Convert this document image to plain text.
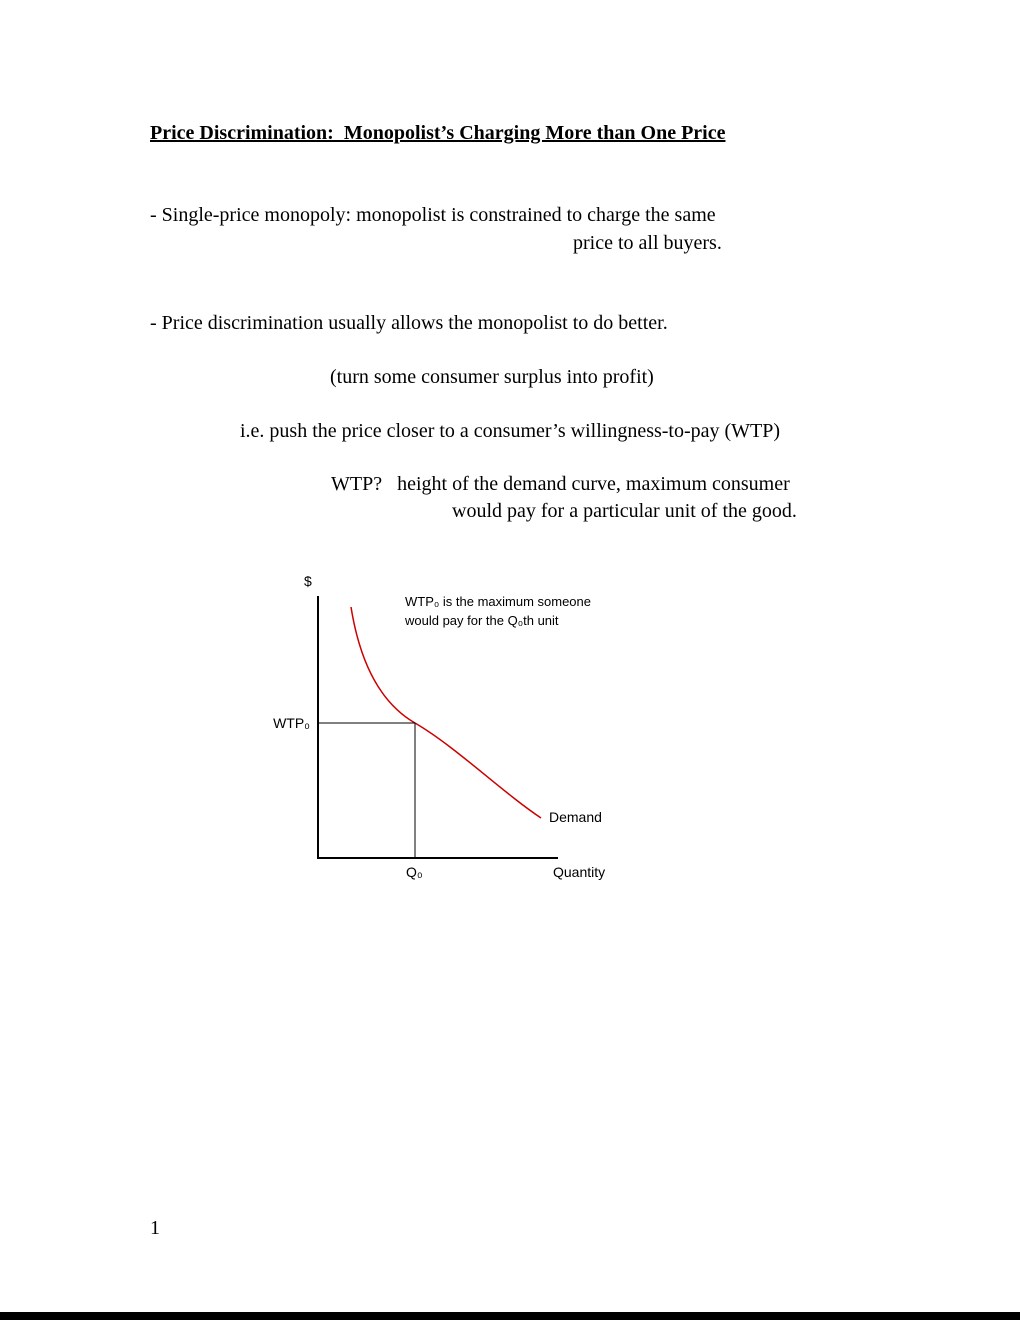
Price Discrimination:  Monopolist’s Charging More than One Price
- Single-price monopoly: monopolist is constrained to charge the same
price to all buyers.
- Price discrimination usually allows the monopolist to do better.
(turn some consumer surplus into profit)
i.e. push the price closer to a consumer’s willingness-to-pay (WTP)
WTP?   height of the demand curve, maximum consumer
would pay for a particular unit of the good.
$
WTP₀ is the maximum someone
would pay for the Q₀th unit
WTP₀
Q₀
Demand
Quantity
1
